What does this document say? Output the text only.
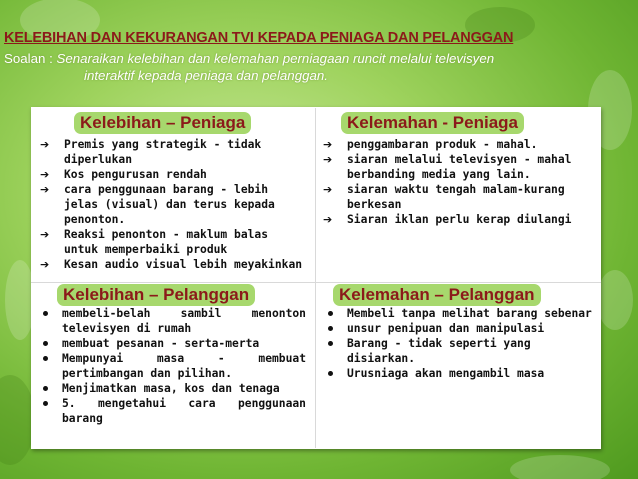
KELEBIHAN DAN KEKURANGAN TVI KEPADA PENIAGA DAN PELANGGAN
Soalan : Senaraikan kelebihan dan kelemahan perniagaan runcit melalui televisyen
interaktif kepada peniaga dan pelanggan.
Kelebihan – Peniaga
➔ Premis yang strategik - tidak diperlukan
➔ Kos pengurusan rendah
➔ cara penggunaan barang - lebih jelas (visual) dan terus kepada penonton.
➔ Reaksi penonton - maklum balas untuk memperbaiki produk
➔ Kesan audio visual lebih meyakinkan
Kelemahan - Peniaga
➔ penggambaran produk - mahal.
➔ siaran melalui televisyen - mahal berbanding media yang lain.
➔ siaran waktu tengah malam-kurang berkesan
➔ Siaran iklan perlu kerap diulangi
Kelebihan – Pelanggan
membeli-belah sambil menonton televisyen di rumah
membuat pesanan - serta-merta
Mempunyai masa - membuat pertimbangan dan pilihan.
Menjimatkan masa, kos dan tenaga
5. mengetahui cara penggunaan barang
Kelemahan – Pelanggan
Membeli tanpa melihat barang sebenar
unsur penipuan dan manipulasi
Barang - tidak seperti yang disiarkan.
Urusniaga akan mengambil masa
